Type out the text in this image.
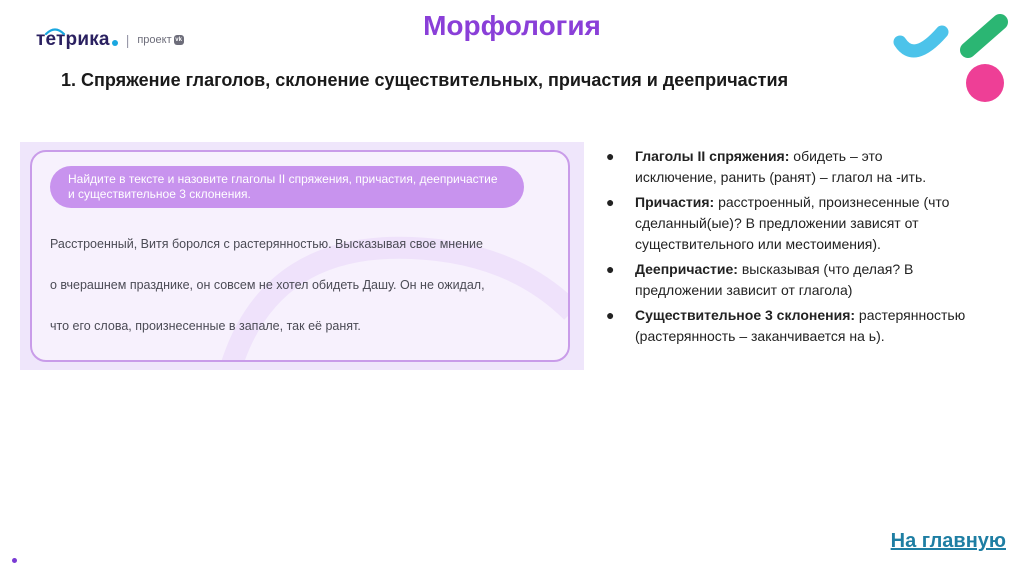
тетрика | проект vk	Морфология
1. Спряжение глаголов, склонение существительных, причастия и деепричастия
Найдите в тексте и назовите глаголы II спряжения, причастия, деепричастие и существительное 3 склонения.
Расстроенный, Витя боролся с растерянностью. Высказывая свое мнение
о вчерашнем празднике, он совсем не хотел обидеть Дашу. Он не ожидал,
что его слова, произнесенные в запале, так её ранят.
● Глаголы II спряжения: обидеть – это исключение, ранить (ранят) – глагол на -ить.
● Причастия: расстроенный, произнесенные (что сделанный(ые)? В предложении зависят от существительного или местоимения).
● Деепричастие: высказывая (что делая? В предложении зависит от глагола)
● Существительное 3 склонения: растерянностью (растерянность – заканчивается на ь).
На главную
